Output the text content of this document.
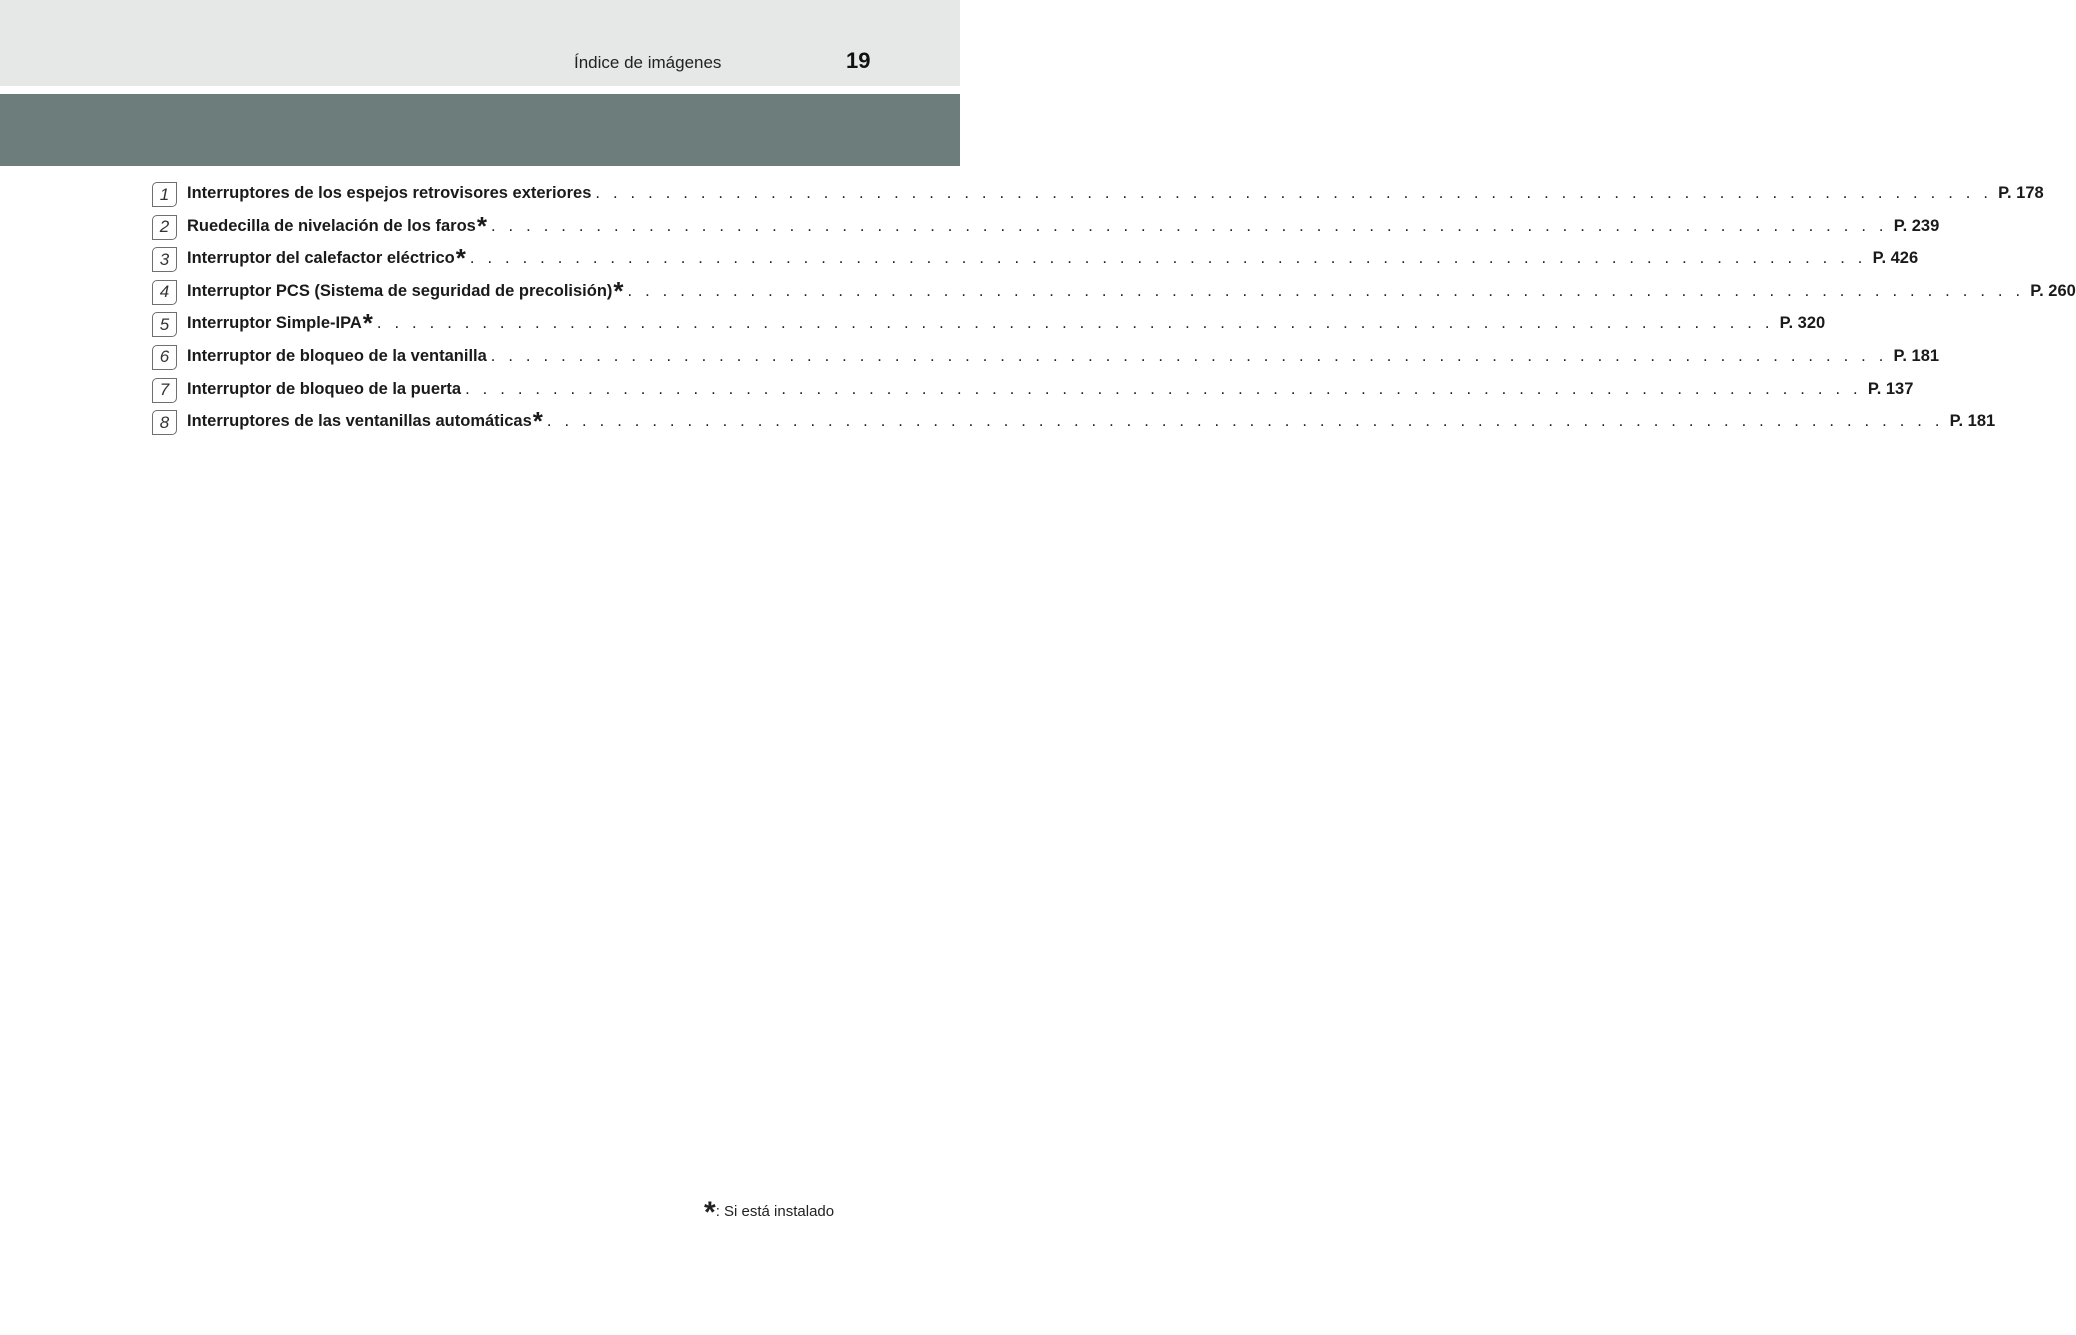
Índice de imágenes	19
1	Interruptores de los espejos retrovisores exteriores . . . . . . . . . . . . . . . . . . . . . . . . . . . . . . . . . . . . . . . . . . . . . . . . . . . . . . . . . . . . . . . . . . . . . . . . . . . . . . . . P. 178
2	Ruedecilla de nivelación de los faros * . . . . . . . . . . . . . . . . . . . . . . . . . . . . . . . . . . . . . . . . . . . . . . . . . . . . . . . . . . . . . . . . . . . . . . . . . . . . . . . . P. 239
3	Interruptor del calefactor eléctrico * . . . . . . . . . . . . . . . . . . . . . . . . . . . . . . . . . . . . . . . . . . . . . . . . . . . . . . . . . . . . . . . . . . . . . . . . . . . . . . . . P. 426
4	Interruptor PCS (Sistema de seguridad de precolisión) * . . . . . . . . . . . . . . . . . . . . . . . . . . . . . . . . . . . . . . . . . . . . . . . . . . . . . . . . . . . . . . . . . . . . . . . . . . . . . . . . P. 260
5	Interruptor Simple-IPA * . . . . . . . . . . . . . . . . . . . . . . . . . . . . . . . . . . . . . . . . . . . . . . . . . . . . . . . . . . . . . . . . . . . . . . . . . . . . . . . . P. 320
6	Interruptor de bloqueo de la ventanilla . . . . . . . . . . . . . . . . . . . . . . . . . . . . . . . . . . . . . . . . . . . . . . . . . . . . . . . . . . . . . . . . . . . . . . . . . . . . . . . . P. 181
7	Interruptor de bloqueo de la puerta . . . . . . . . . . . . . . . . . . . . . . . . . . . . . . . . . . . . . . . . . . . . . . . . . . . . . . . . . . . . . . . . . . . . . . . . . . . . . . . . P. 137
8	Interruptores de las ventanillas automáticas * . . . . . . . . . . . . . . . . . . . . . . . . . . . . . . . . . . . . . . . . . . . . . . . . . . . . . . . . . . . . . . . . . . . . . . . . . . . . . . . . P. 181
*: Si está instalado
